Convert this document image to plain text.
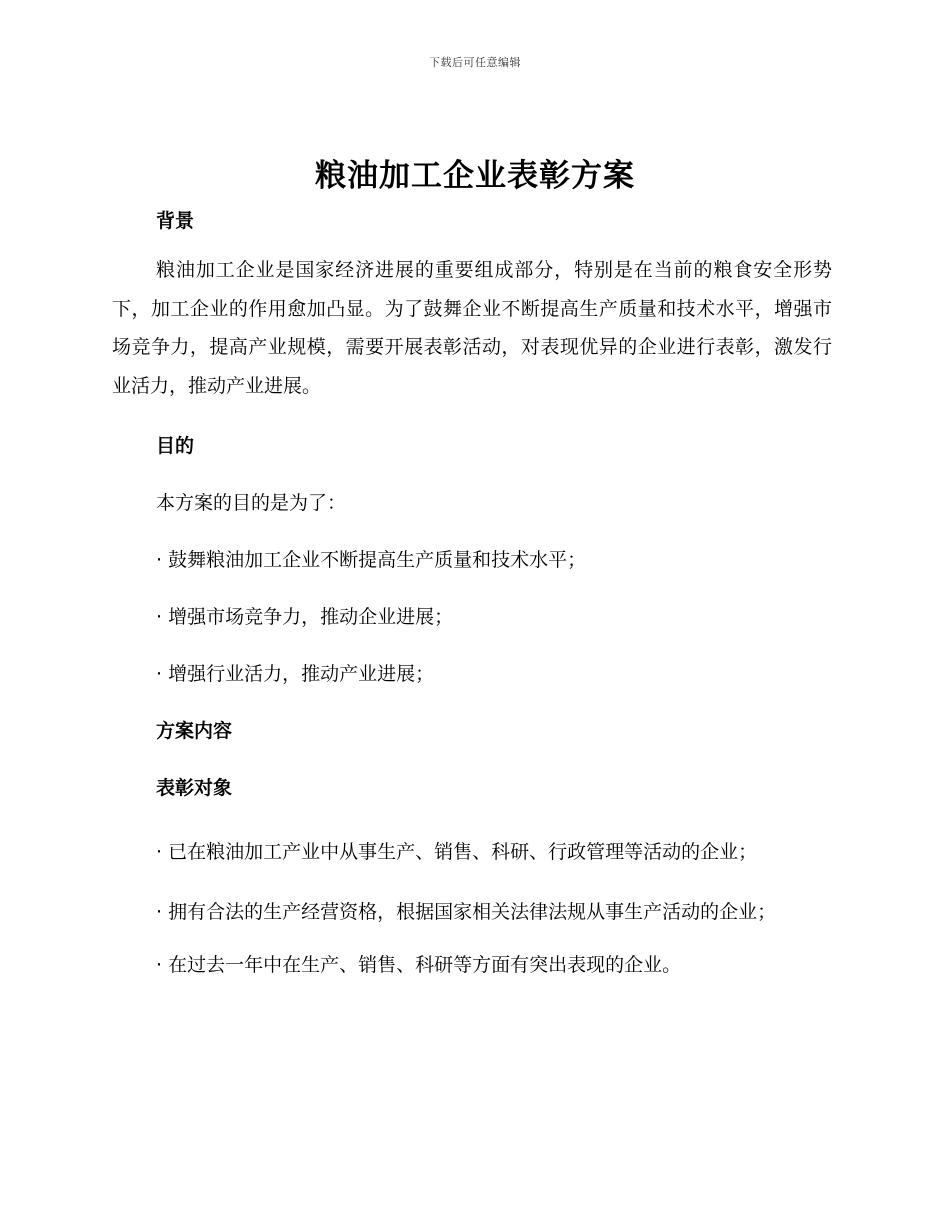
下载后可任意编辑
粮油加工企业表彰方案

背景

粮油加工企业是国家经济进展的重要组成部分，特别是在当前的粮食安全形势下，加工企业的作用愈加凸显。为了鼓舞企业不断提高生产质量和技术水平，增强市场竞争力，提高产业规模，需要开展表彰活动，对表现优异的企业进行表彰，激发行业活力，推动产业进展。

目的

本方案的目的是为了：

· 鼓舞粮油加工企业不断提高生产质量和技术水平；

· 增强市场竞争力，推动企业进展；

· 增强行业活力，推动产业进展；

方案内容

表彰对象

· 已在粮油加工产业中从事生产、销售、科研、行政管理等活动的企业；

· 拥有合法的生产经营资格，根据国家相关法律法规从事生产活动的企业；

· 在过去一年中在生产、销售、科研等方面有突出表现的企业。
